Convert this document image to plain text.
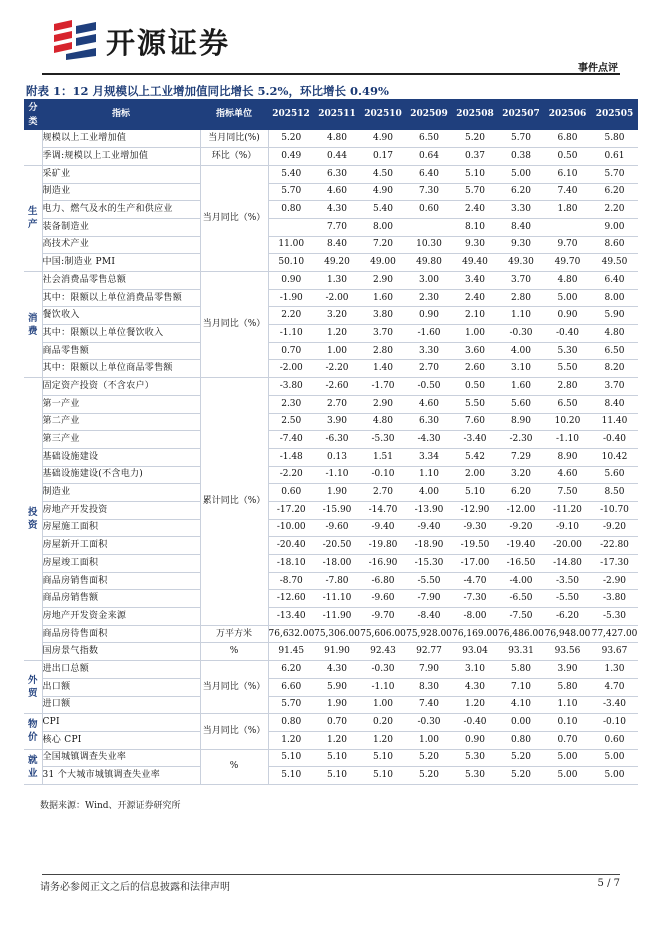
开源证券
事件点评
附表 1：12 月规模以上工业增加值同比增长 5.2%，环比增长 0.49%
分
类	指标	指标单位	202512	202511	202510	202509	202508	202507	202506	202505
	规模以上工业增加值	当月同比(%)	5.20	4.80	4.90	6.50	5.20	5.70	6.80	5.80
	季调:规模以上工业增加值	环比（%）	0.49	0.44	0.17	0.64	0.37	0.38	0.50	0.61

生
产	采矿业	当月同比（%）	5.40	6.30	4.50	6.40	5.10	5.00	6.10	5.70
	制造业		5.70	4.60	4.90	7.30	5.70	6.20	7.40	6.20
	电力、燃气及水的生产和供应业		0.80	4.30	5.40	0.60	2.40	3.30	1.80	2.20
	装备制造业			7.70	8.00		8.10	8.40		9.00
	高技术产业		11.00	8.40	7.20	10.30	9.30	9.30	9.70	8.60
	中国:制造业 PMI		50.10	49.20	49.00	49.80	49.40	49.30	49.70	49.50

消
费	社会消费品零售总额	当月同比（%）	0.90	1.30	2.90	3.00	3.40	3.70	4.80	6.40
	其中：限额以上单位消费品零售额		-1.90	-2.00	1.60	2.30	2.40	2.80	5.00	8.00
	餐饮收入		2.20	3.20	3.80	0.90	2.10	1.10	0.90	5.90
	其中：限额以上单位餐饮收入		-1.10	1.20	3.70	-1.60	1.00	-0.30	-0.40	4.80
	商品零售额		0.70	1.00	2.80	3.30	3.60	4.00	5.30	6.50
	其中：限额以上单位商品零售额		-2.00	-2.20	1.40	2.70	2.60	3.10	5.50	8.20

投
资	固定资产投资（不含农户）	累计同比（%）	-3.80	-2.60	-1.70	-0.50	0.50	1.60	2.80	3.70
	第一产业		2.30	2.70	2.90	4.60	5.50	5.60	6.50	8.40
	第二产业		2.50	3.90	4.80	6.30	7.60	8.90	10.20	11.40
	第三产业		-7.40	-6.30	-5.30	-4.30	-3.40	-2.30	-1.10	-0.40
	基础设施建设		-1.48	0.13	1.51	3.34	5.42	7.29	8.90	10.42
	基础设施建设(不含电力)		-2.20	-1.10	-0.10	1.10	2.00	3.20	4.60	5.60
	制造业		0.60	1.90	2.70	4.00	5.10	6.20	7.50	8.50
	房地产开发投资		-17.20	-15.90	-14.70	-13.90	-12.90	-12.00	-11.20	-10.70
	房屋施工面积		-10.00	-9.60	-9.40	-9.40	-9.30	-9.20	-9.10	-9.20
	房屋新开工面积		-20.40	-20.50	-19.80	-18.90	-19.50	-19.40	-20.00	-22.80
	房屋竣工面积		-18.10	-18.00	-16.90	-15.30	-17.00	-16.50	-14.80	-17.30
	商品房销售面积		-8.70	-7.80	-6.80	-5.50	-4.70	-4.00	-3.50	-2.90
	商品房销售额		-12.60	-11.10	-9.60	-7.90	-7.30	-6.50	-5.50	-3.80
	房地产开发资金来源		-13.40	-11.90	-9.70	-8.40	-8.00	-7.50	-6.20	-5.30
	商品房待售面积	万平方米	76,632.00	75,306.00	75,606.00	75,928.00	76,169.00	76,486.00	76,948.00	77,427.00
	国房景气指数	%	91.45	91.90	92.43	92.77	93.04	93.31	93.56	93.67

外
贸	进出口总额	当月同比（%）	6.20	4.30	-0.30	7.90	3.10	5.80	3.90	1.30
	出口额		6.60	5.90	-1.10	8.30	4.30	7.10	5.80	4.70
	进口额		5.70	1.90	1.00	7.40	1.20	4.10	1.10	-3.40

物
价	CPI	当月同比（%）	0.80	0.70	0.20	-0.30	-0.40	0.00	0.10	-0.10
	核心 CPI		1.20	1.20	1.20	1.00	0.90	0.80	0.70	0.60

就
业	全国城镇调查失业率	%	5.10	5.10	5.10	5.20	5.30	5.20	5.00	5.00
	31 个大城市城镇调查失业率		5.10	5.10	5.10	5.20	5.30	5.20	5.00	5.00
数据来源：Wind、开源证券研究所
请务必参阅正文之后的信息披露和法律声明	5 / 7
